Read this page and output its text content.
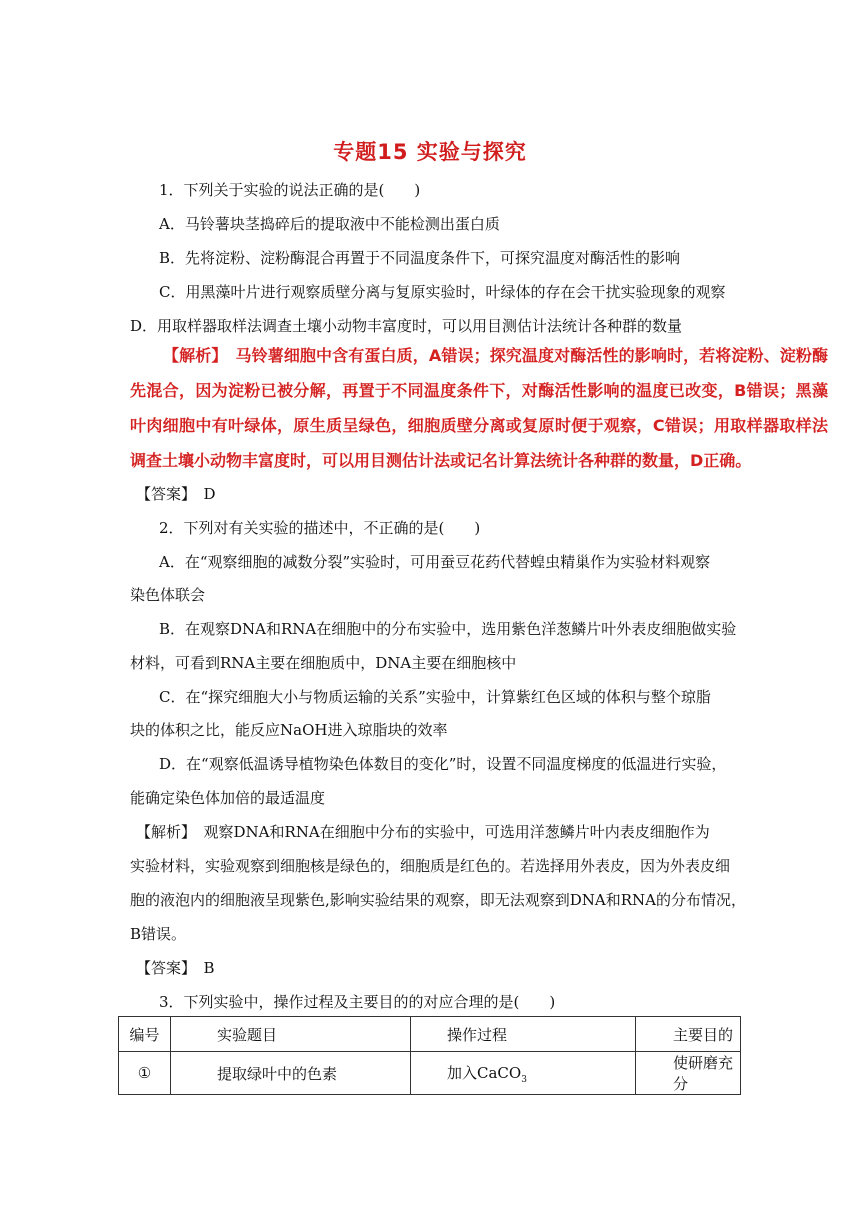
专题15 实验与探究
1．下列关于实验的说法正确的是(　　)
A．马铃薯块茎捣碎后的提取液中不能检测出蛋白质
B．先将淀粉、淀粉酶混合再置于不同温度条件下，可探究温度对酶活性的影响
C．用黑藻叶片进行观察质壁分离与复原实验时，叶绿体的存在会干扰实验现象的观察
D．用取样器取样法调查土壤小动物丰富度时，可以用目测估计法统计各种群的数量
【解析】 马铃薯细胞中含有蛋白质，A错误；探究温度对酶活性的影响时，若将淀粉、淀粉酶先混合，因为淀粉已被分解，再置于不同温度条件下，对酶活性影响的温度已改变，B错误；黑藻叶肉细胞中有叶绿体，原生质呈绿色，细胞质壁分离或复原时便于观察，C错误；用取样器取样法调查土壤小动物丰富度时，可以用目测估计法或记名计算法统计各种群的数量，D正确。
【答案】　D
2．下列对有关实验的描述中，不正确的是(　　)
A．在“观察细胞的减数分裂”实验时，可用蚕豆花药代替蝗虫精巢作为实验材料观察
染色体联会
B．在观察DNA和RNA在细胞中的分布实验中，选用紫色洋葱鳞片叶外表皮细胞做实验
材料，可看到RNA主要在细胞质中，DNA主要在细胞核中
C．在“探究细胞大小与物质运输的关系”实验中，计算紫红色区域的体积与整个琼脂
块的体积之比，能反应NaOH进入琼脂块的效率
D．在“观察低温诱导植物染色体数目的变化”时，设置不同温度梯度的低温进行实验，
能确定染色体加倍的最适温度
【解析】　观察DNA和RNA在细胞中分布的实验中，可选用洋葱鳞片叶内表皮细胞作为
实验材料，实验观察到细胞核是绿色的，细胞质是红色的。若选择用外表皮，因为外表皮细
胞的液泡内的细胞液呈现紫色,影响实验结果的观察，即无法观察到DNA和RNA的分布情况，
B错误。
【答案】　B
3．下列实验中，操作过程及主要目的的对应合理的是(　　)
编号	实验题目	操作过程	主要目的
①	提取绿叶中的色素	加入CaCO$_3$	使研磨充分
